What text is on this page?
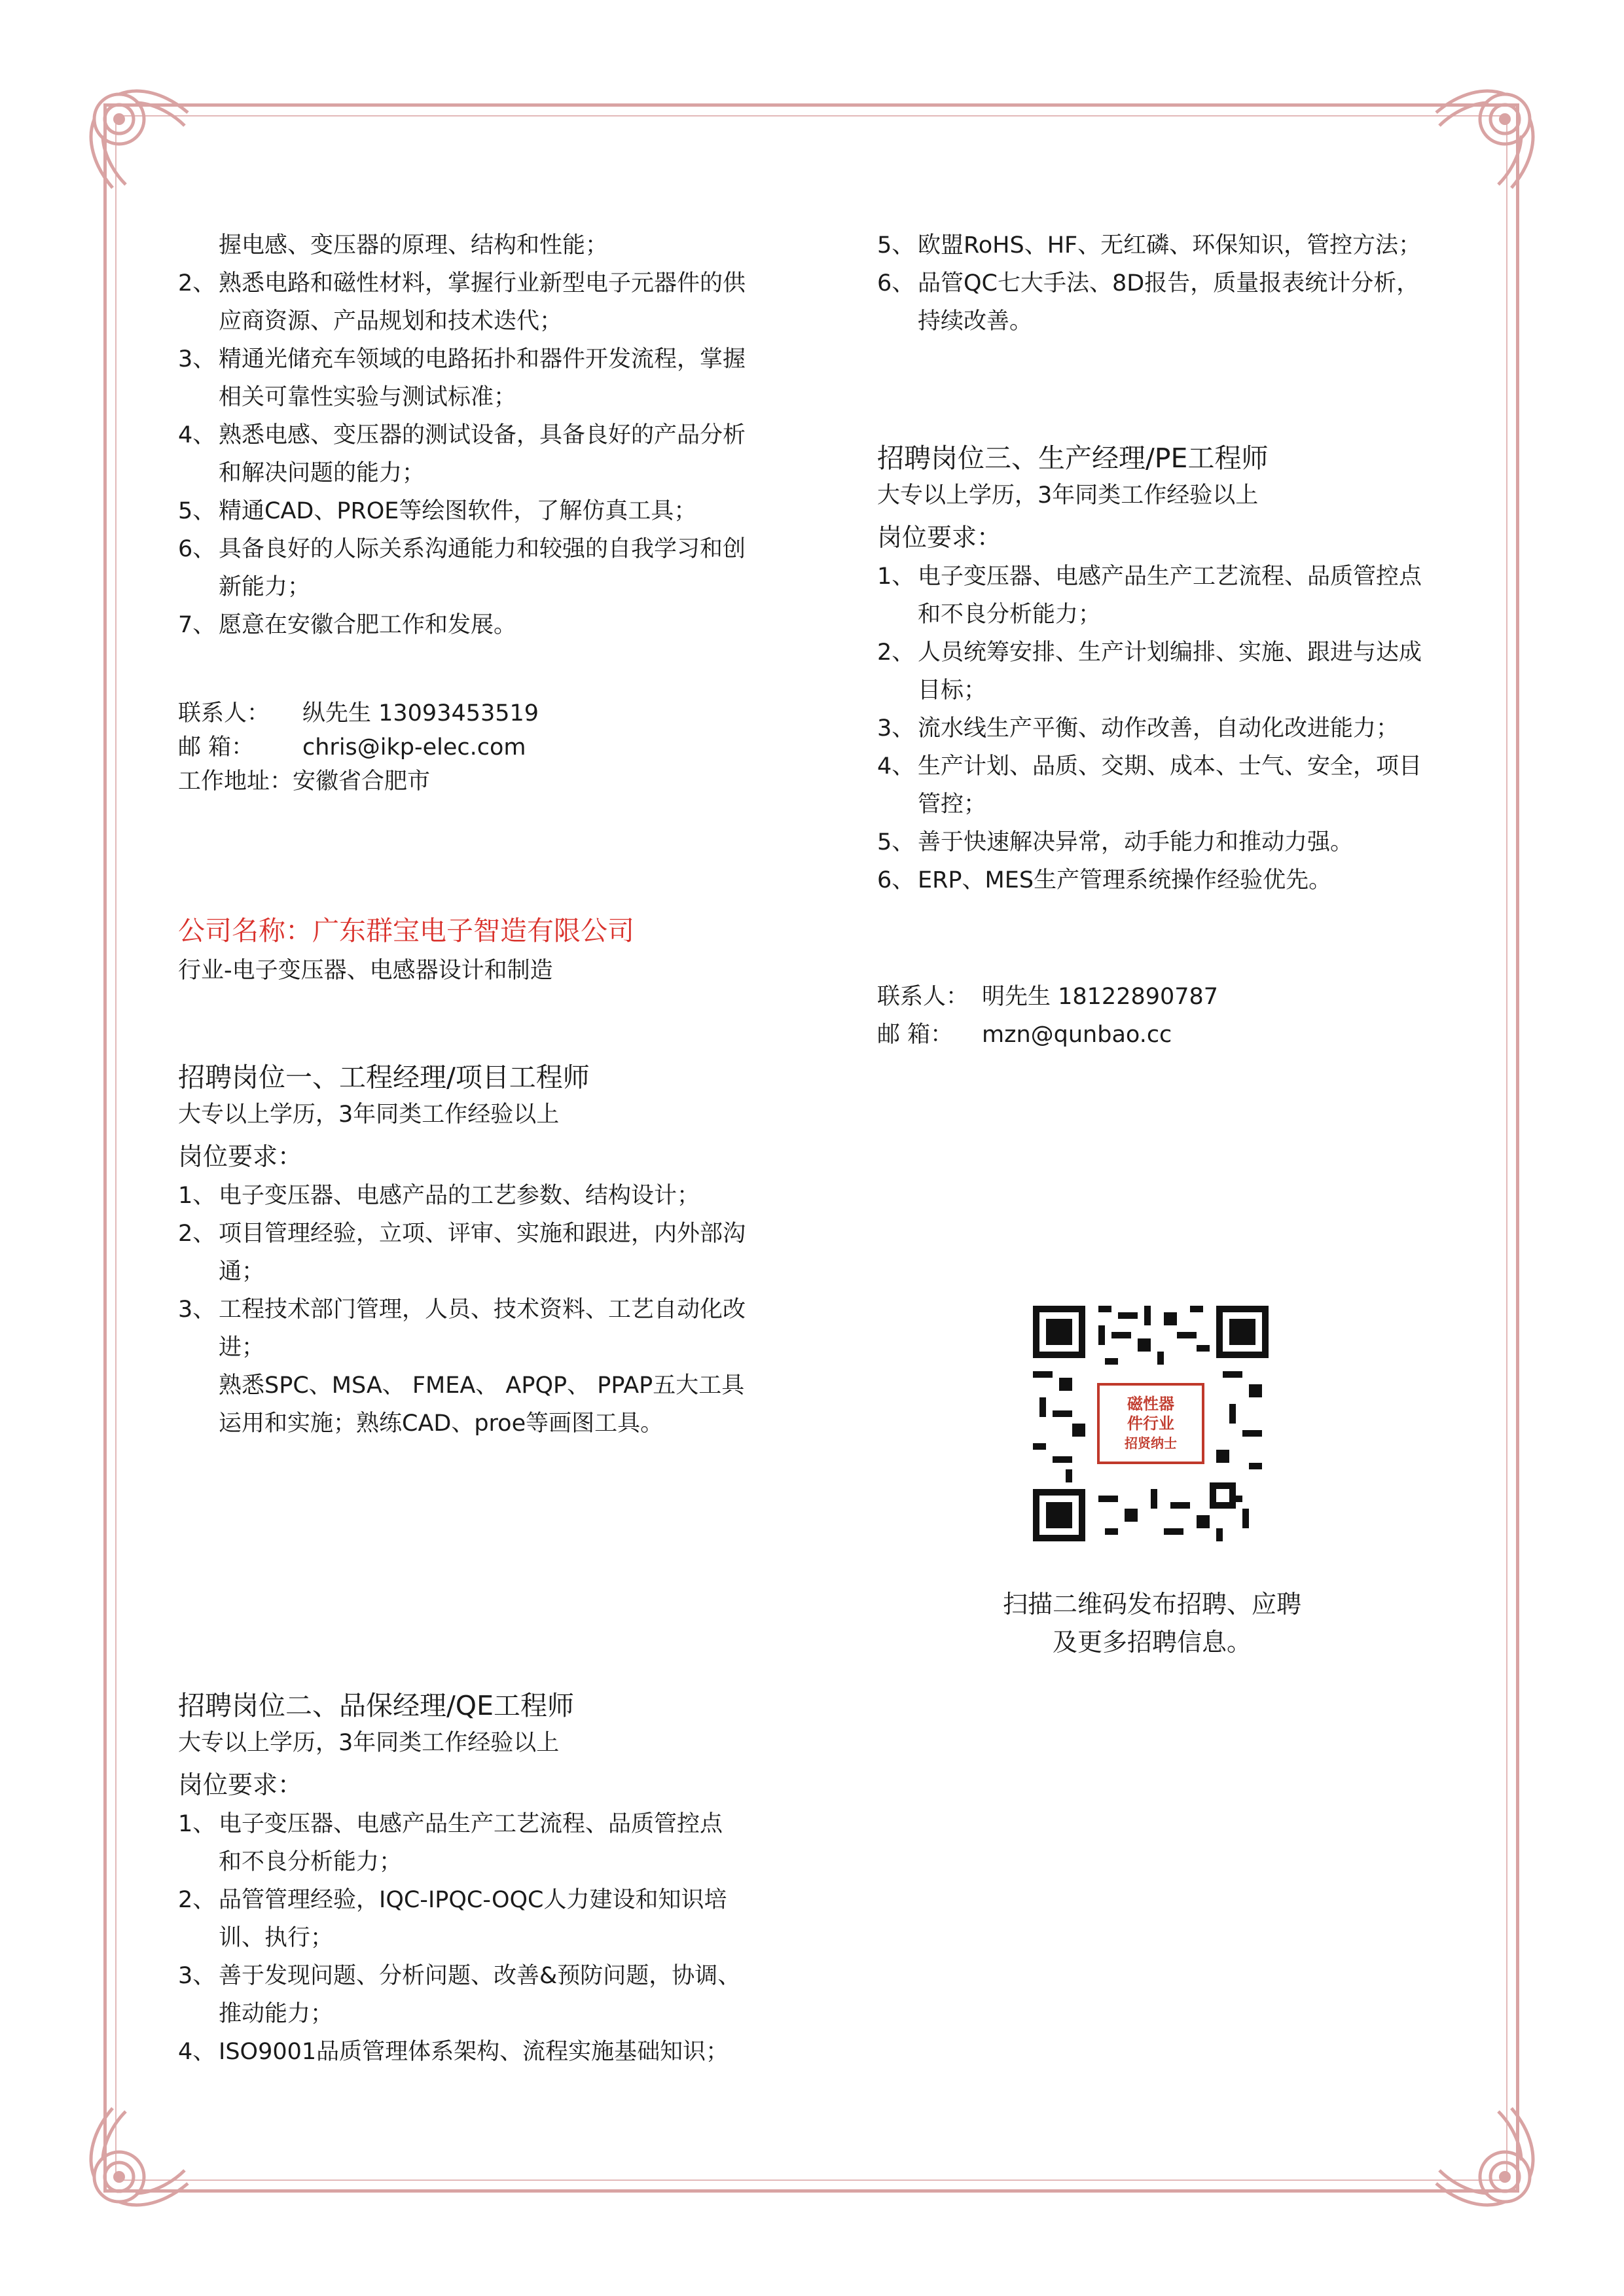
握电感、变压器的原理、结构和性能；
2、 熟悉电路和磁性材料，掌握行业新型电子元器件的供
应商资源、产品规划和技术迭代；
3、 精通光储充车领域的电路拓扑和器件开发流程，掌握
相关可靠性实验与测试标准；
4、 熟悉电感、变压器的测试设备，具备良好的产品分析
和解决问题的能力；
5、 精通CAD、PROE等绘图软件，了解仿真工具；
6、 具备良好的人际关系沟通能力和较强的自我学习和创
新能力；
7、 愿意在安徽合肥工作和发展。
联系人： 纵先生 13093453519
邮 箱： chris@ikp-elec.com
工作地址：安徽省合肥市
公司名称：广东群宝电子智造有限公司
行业-电子变压器、电感器设计和制造
招聘岗位一、工程经理/项目工程师
大专以上学历，3年同类工作经验以上
岗位要求：
1、 电子变压器、电感产品的工艺参数、结构设计；
2、 项目管理经验，立项、评审、实施和跟进，内外部沟
通；
3、 工程技术部门管理，人员、技术资料、工艺自动化改
进；
熟悉SPC、MSA、 FMEA、 APQP、 PPAP五大工具
运用和实施；熟练CAD、proe等画图工具。
招聘岗位二、品保经理/QE工程师
大专以上学历，3年同类工作经验以上
岗位要求：
1、 电子变压器、电感产品生产工艺流程、品质管控点
和不良分析能力；
2、 品管管理经验，IQC-IPQC-OQC人力建设和知识培
训、执行；
3、 善于发现问题、分析问题、改善&预防问题，协调、
推动能力；
4、 ISO9001品质管理体系架构、流程实施基础知识；
5、 欧盟RoHS、HF、无红磷、环保知识，管控方法；
6、 品管QC七大手法、8D报告，质量报表统计分析，
持续改善。
招聘岗位三、生产经理/PE工程师
大专以上学历，3年同类工作经验以上
岗位要求：
1、 电子变压器、电感产品生产工艺流程、品质管控点
和不良分析能力；
2、 人员统筹安排、生产计划编排、实施、跟进与达成
目标；
3、 流水线生产平衡、动作改善，自动化改进能力；
4、 生产计划、品质、交期、成本、士气、安全，项目
管控；
5、 善于快速解决异常，动手能力和推动力强。
6、 ERP、MES生产管理系统操作经验优先。
联系人： 明先生 18122890787
邮 箱： mzn@qunbao.cc
磁性器
件行业
招贤纳士
扫描二维码发布招聘、应聘
及更多招聘信息。
